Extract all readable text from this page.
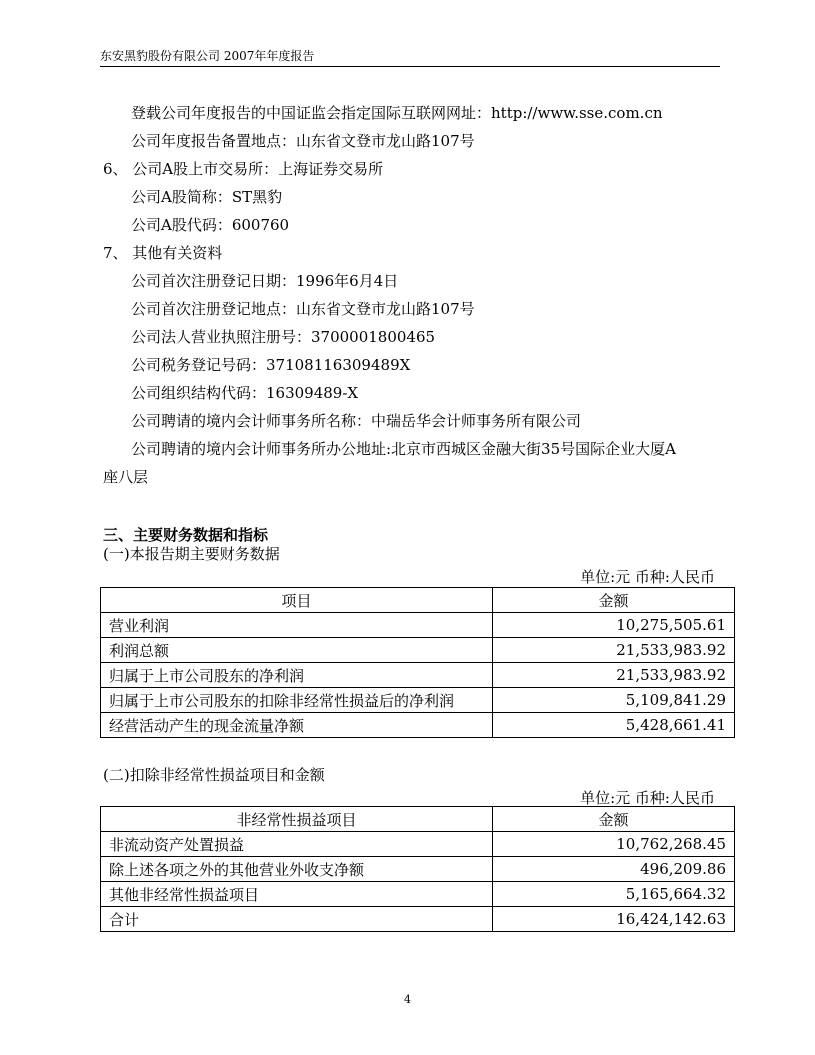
东安黑豹股份有限公司 2007年年度报告
登载公司年度报告的中国证监会指定国际互联网网址：http://www.sse.com.cn
公司年度报告备置地点：山东省文登市龙山路107号
6、 公司A股上市交易所：上海证券交易所
公司A股简称：ST黑豹
公司A股代码：600760
7、 其他有关资料
公司首次注册登记日期：1996年6月4日
公司首次注册登记地点：山东省文登市龙山路107号
公司法人营业执照注册号：3700001800465
公司税务登记号码：37108116309489X
公司组织结构代码：16309489-X
公司聘请的境内会计师事务所名称：中瑞岳华会计师事务所有限公司
公司聘请的境内会计师事务所办公地址:北京市西城区金融大街35号国际企业大厦A
座八层
三、主要财务数据和指标
(一)本报告期主要财务数据
单位:元 币种:人民币
项目	金额
营业利润	10,275,505.61
利润总额	21,533,983.92
归属于上市公司股东的净利润	21,533,983.92
归属于上市公司股东的扣除非经常性损益后的净利润	5,109,841.29
经营活动产生的现金流量净额	5,428,661.41
(二)扣除非经常性损益项目和金额
单位:元 币种:人民币
非经常性损益项目	金额
非流动资产处置损益	10,762,268.45
除上述各项之外的其他营业外收支净额	496,209.86
其他非经常性损益项目	5,165,664.32
合计	16,424,142.63
4
